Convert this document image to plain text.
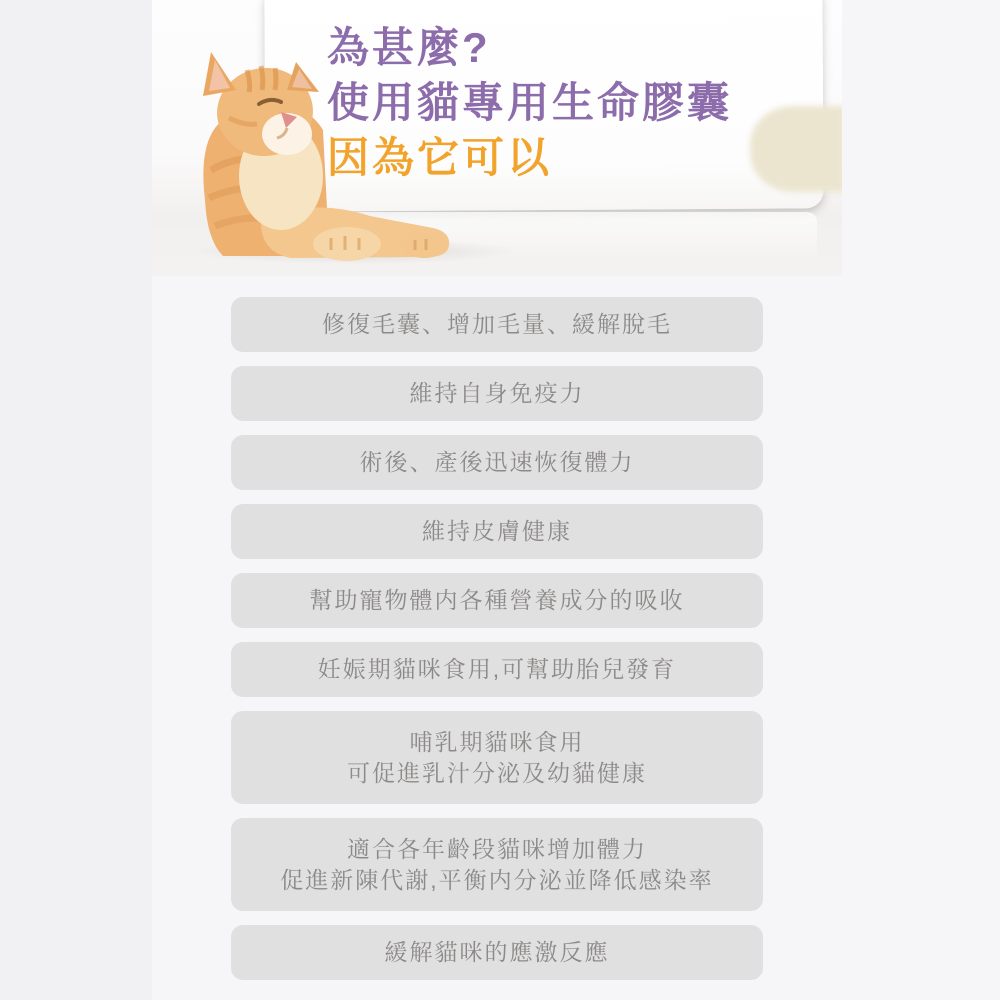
為甚麼?
使用貓專用生命膠囊
因為它可以
修復毛囊、增加毛量、緩解脫毛
維持自身免疫力
術後、產後迅速恢復體力
維持皮膚健康
幫助寵物體内各種營養成分的吸收
妊娠期貓咪食用,可幫助胎兒發育
哺乳期貓咪食用
可促進乳汁分泌及幼貓健康
適合各年齡段貓咪增加體力
促進新陳代謝,平衡内分泌並降低感染率
緩解貓咪的應激反應
